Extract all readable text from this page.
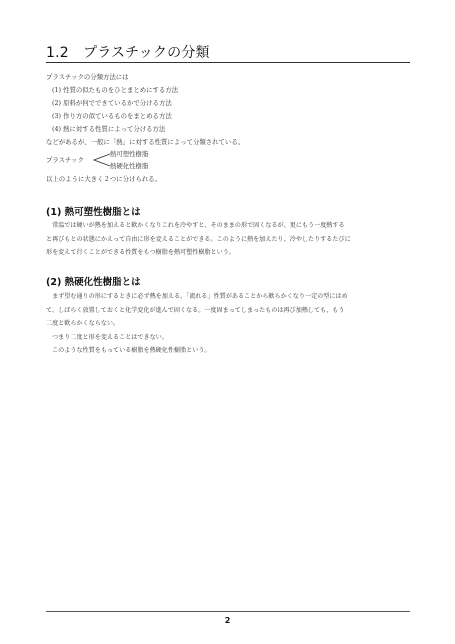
1.2　プラスチックの分類
プラスチックの分類方法には
(1) 性質の似たものをひとまとめにする方法
(2) 原料が何でできているかで分ける方法
(3) 作り方の似ているものをまとめる方法
(4) 熱に対する性質によって分ける方法
などがあるが、一般に「熱」に対する性質によって分類されている。
プラスチック
熱可塑性樹脂
熱硬化性樹脂
以上のように大きく２つに分けられる。
(1) 熱可塑性樹脂とは
　常温では硬いが熱を加えると軟かくなりこれを冷やすと、そのままの形で固くなるが、更にもう一度熱する
と再びもとの状態にかえって自由に形を変えることができる。このように熱を加えたり、冷やしたりするたびに
形を変えて行くことができる性質をもつ樹脂を熱可塑性樹脂という。
(2) 熱硬化性樹脂とは
　まず望む通りの形にするときに必ず熱を加える。「流れる」性質があることから軟らかくなり一定の型にはめ
て、しばらく放置しておくと化学変化が進んで固くなる。一度固まってしまったものは再び加熱しても、もう
二度と軟らかくならない。
　つまり二度と形を変えることはできない。
　このような性質をもっている樹脂を熱硬化性樹脂という。
2
